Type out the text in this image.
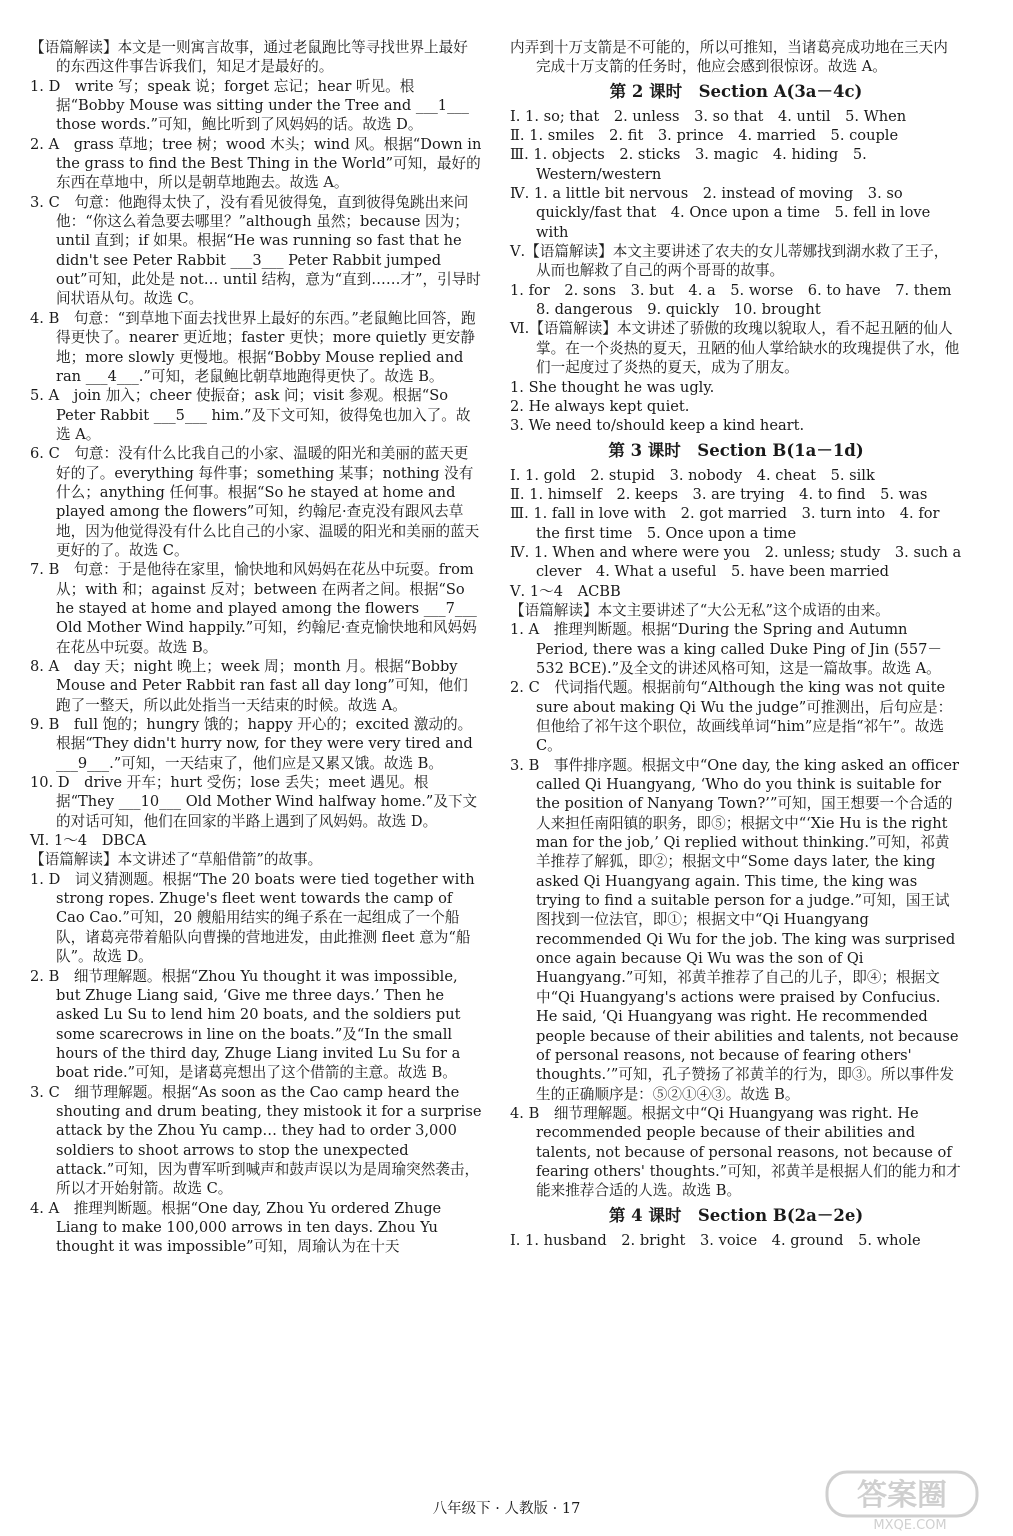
【语篇解读】本文是一则寓言故事，通过老鼠跑比等寻找世界上最好的东西这件事告诉我们，知足才是最好的。
1. D　write 写；speak 说；forget 忘记；hear 听见。根据“Bobby Mouse was sitting under the Tree and ___1___ those words.”可知，鲍比听到了风妈妈的话。故选 D。
2. A　grass 草地；tree 树；wood 木头；wind 风。根据“Down in the grass to find the Best Thing in the World”可知，最好的东西在草地中，所以是朝草地跑去。故选 A。
3. C　句意：他跑得太快了，没有看见彼得兔，直到彼得兔跳出来问他：“你这么着急要去哪里？”although 虽然；because 因为；until 直到；if 如果。根据“He was running so fast that he didn't see Peter Rabbit ___3___ Peter Rabbit jumped out”可知，此处是 not… until 结构，意为“直到……才”，引导时间状语从句。故选 C。
4. B　句意：“到草地下面去找世界上最好的东西。”老鼠鲍比回答，跑得更快了。nearer 更近地；faster 更快；more quietly 更安静地；more slowly 更慢地。根据“Bobby Mouse replied and ran ___4___.”可知，老鼠鲍比朝草地跑得更快了。故选 B。
5. A　join 加入；cheer 使振奋；ask 问；visit 参观。根据“So Peter Rabbit ___5___ him.”及下文可知，彼得兔也加入了。故选 A。
6. C　句意：没有什么比我自己的小家、温暖的阳光和美丽的蓝天更好的了。everything 每件事；something 某事；nothing 没有什么；anything 任何事。根据“So he stayed at home and played among the flowers”可知，约翰尼·查克没有跟风去草地，因为他觉得没有什么比自己的小家、温暖的阳光和美丽的蓝天更好的了。故选 C。
7. B　句意：于是他待在家里，愉快地和风妈妈在花丛中玩耍。from 从；with 和；against 反对；between 在两者之间。根据“So he stayed at home and played among the flowers ___7___ Old Mother Wind happily.”可知，约翰尼·查克愉快地和风妈妈在花丛中玩耍。故选 B。
8. A　day 天；night 晚上；week 周；month 月。根据“Bobby Mouse and Peter Rabbit ran fast all day long”可知，他们跑了一整天，所以此处指当一天结束的时候。故选 A。
9. B　full 饱的；hungry 饿的；happy 开心的；excited 激动的。根据“They didn't hurry now, for they were very tired and ___9___.”可知，一天结束了，他们应是又累又饿。故选 B。
10. D　drive 开车；hurt 受伤；lose 丢失；meet 遇见。根据“They ___10___ Old Mother Wind halfway home.”及下文的对话可知，他们在回家的半路上遇到了风妈妈。故选 D。
Ⅵ. 1～4　DBCA
【语篇解读】本文讲述了“草船借箭”的故事。
1. D　词义猜测题。根据“The 20 boats were tied together with strong ropes. Zhuge's fleet went towards the camp of Cao Cao.”可知，20 艘船用结实的绳子系在一起组成了一个船队，诸葛亮带着船队向曹操的营地进发，由此推测 fleet 意为“船队”。故选 D。
2. B　细节理解题。根据“Zhou Yu thought it was impossible, but Zhuge Liang said, ‘Give me three days.’ Then he asked Lu Su to lend him 20 boats, and the soldiers put some scarecrows in line on the boats.”及“In the small hours of the third day, Zhuge Liang invited Lu Su for a boat ride.”可知，是诸葛亮想出了这个借箭的主意。故选 B。
3. C　细节理解题。根据“As soon as the Cao camp heard the shouting and drum beating, they mistook it for a surprise attack by the Zhou Yu camp… they had to order 3,000 soldiers to shoot arrows to stop the unexpected attack.”可知，因为曹军听到喊声和鼓声误以为是周瑜突然袭击，所以才开始射箭。故选 C。
4. A　推理判断题。根据“One day, Zhou Yu ordered Zhuge Liang to make 100,000 arrows in ten days. Zhou Yu thought it was impossible”可知，周瑜认为在十天
内弄到十万支箭是不可能的，所以可推知，当诸葛亮成功地在三天内完成十万支箭的任务时，他应会感到很惊讶。故选 A。
第 2 课时　Section A(3a－4c)
Ⅰ. 1. so; that　2. unless　3. so that　4. until　5. When
Ⅱ. 1. smiles　2. fit　3. prince　4. married　5. couple
Ⅲ. 1. objects　2. sticks　3. magic　4. hiding　5. Western/western
Ⅳ. 1. a little bit nervous　2. instead of moving　3. so quickly/fast that　4. Once upon a time　5. fell in love with
Ⅴ.【语篇解读】本文主要讲述了农夫的女儿蒂娜找到湖水救了王子，从而也解救了自己的两个哥哥的故事。
1. for　2. sons　3. but　4. a　5. worse　6. to have　7. them　8. dangerous　9. quickly　10. brought
Ⅵ.【语篇解读】本文讲述了骄傲的玫瑰以貌取人，看不起丑陋的仙人掌。在一个炎热的夏天，丑陋的仙人掌给缺水的玫瑰提供了水，他们一起度过了炎热的夏天，成为了朋友。
1. She thought he was ugly.
2. He always kept quiet.
3. We need to/should keep a kind heart.
第 3 课时　Section B(1a－1d)
Ⅰ. 1. gold　2. stupid　3. nobody　4. cheat　5. silk
Ⅱ. 1. himself　2. keeps　3. are trying　4. to find　5. was
Ⅲ. 1. fall in love with　2. got married　3. turn into　4. for the first time　5. Once upon a time
Ⅳ. 1. When and where were you　2. unless; study　3. such a clever　4. What a useful　5. have been married
Ⅴ. 1～4　ACBB
【语篇解读】本文主要讲述了“大公无私”这个成语的由来。
1. A　推理判断题。根据“During the Spring and Autumn Period, there was a king called Duke Ping of Jin (557－532 BCE).”及全文的讲述风格可知，这是一篇故事。故选 A。
2. C　代词指代题。根据前句“Although the king was not quite sure about making Qi Wu the judge”可推测出，后句应是：但他给了祁午这个职位，故画线单词“him”应是指“祁午”。故选 C。
3. B　事件排序题。根据文中“One day, the king asked an officer called Qi Huangyang, ‘Who do you think is suitable for the position of Nanyang Town?’”可知，国王想要一个合适的人来担任南阳镇的职务，即⑤；根据文中“‘Xie Hu is the right man for the job,’ Qi replied without thinking.”可知，祁黄羊推荐了解狐，即②；根据文中“Some days later, the king asked Qi Huangyang again. This time, the king was trying to find a suitable person for a judge.”可知，国王试图找到一位法官，即①；根据文中“Qi Huangyang recommended Qi Wu for the job. The king was surprised once again because Qi Wu was the son of Qi Huangyang.”可知，祁黄羊推荐了自己的儿子，即④；根据文中“Qi Huangyang's actions were praised by Confucius. He said, ‘Qi Huangyang was right. He recommended people because of their abilities and talents, not because of personal reasons, not because of fearing others' thoughts.’”可知，孔子赞扬了祁黄羊的行为，即③。所以事件发生的正确顺序是：⑤②①④③。故选 B。
4. B　细节理解题。根据文中“Qi Huangyang was right. He recommended people because of their abilities and talents, not because of personal reasons, not because of fearing others' thoughts.”可知，祁黄羊是根据人们的能力和才能来推荐合适的人选。故选 B。
第 4 课时　Section B(2a－2e)
Ⅰ. 1. husband　2. bright　3. voice　4. ground　5. whole
八年级下 · 人教版 · 17	答案圈
MXQE.COM
